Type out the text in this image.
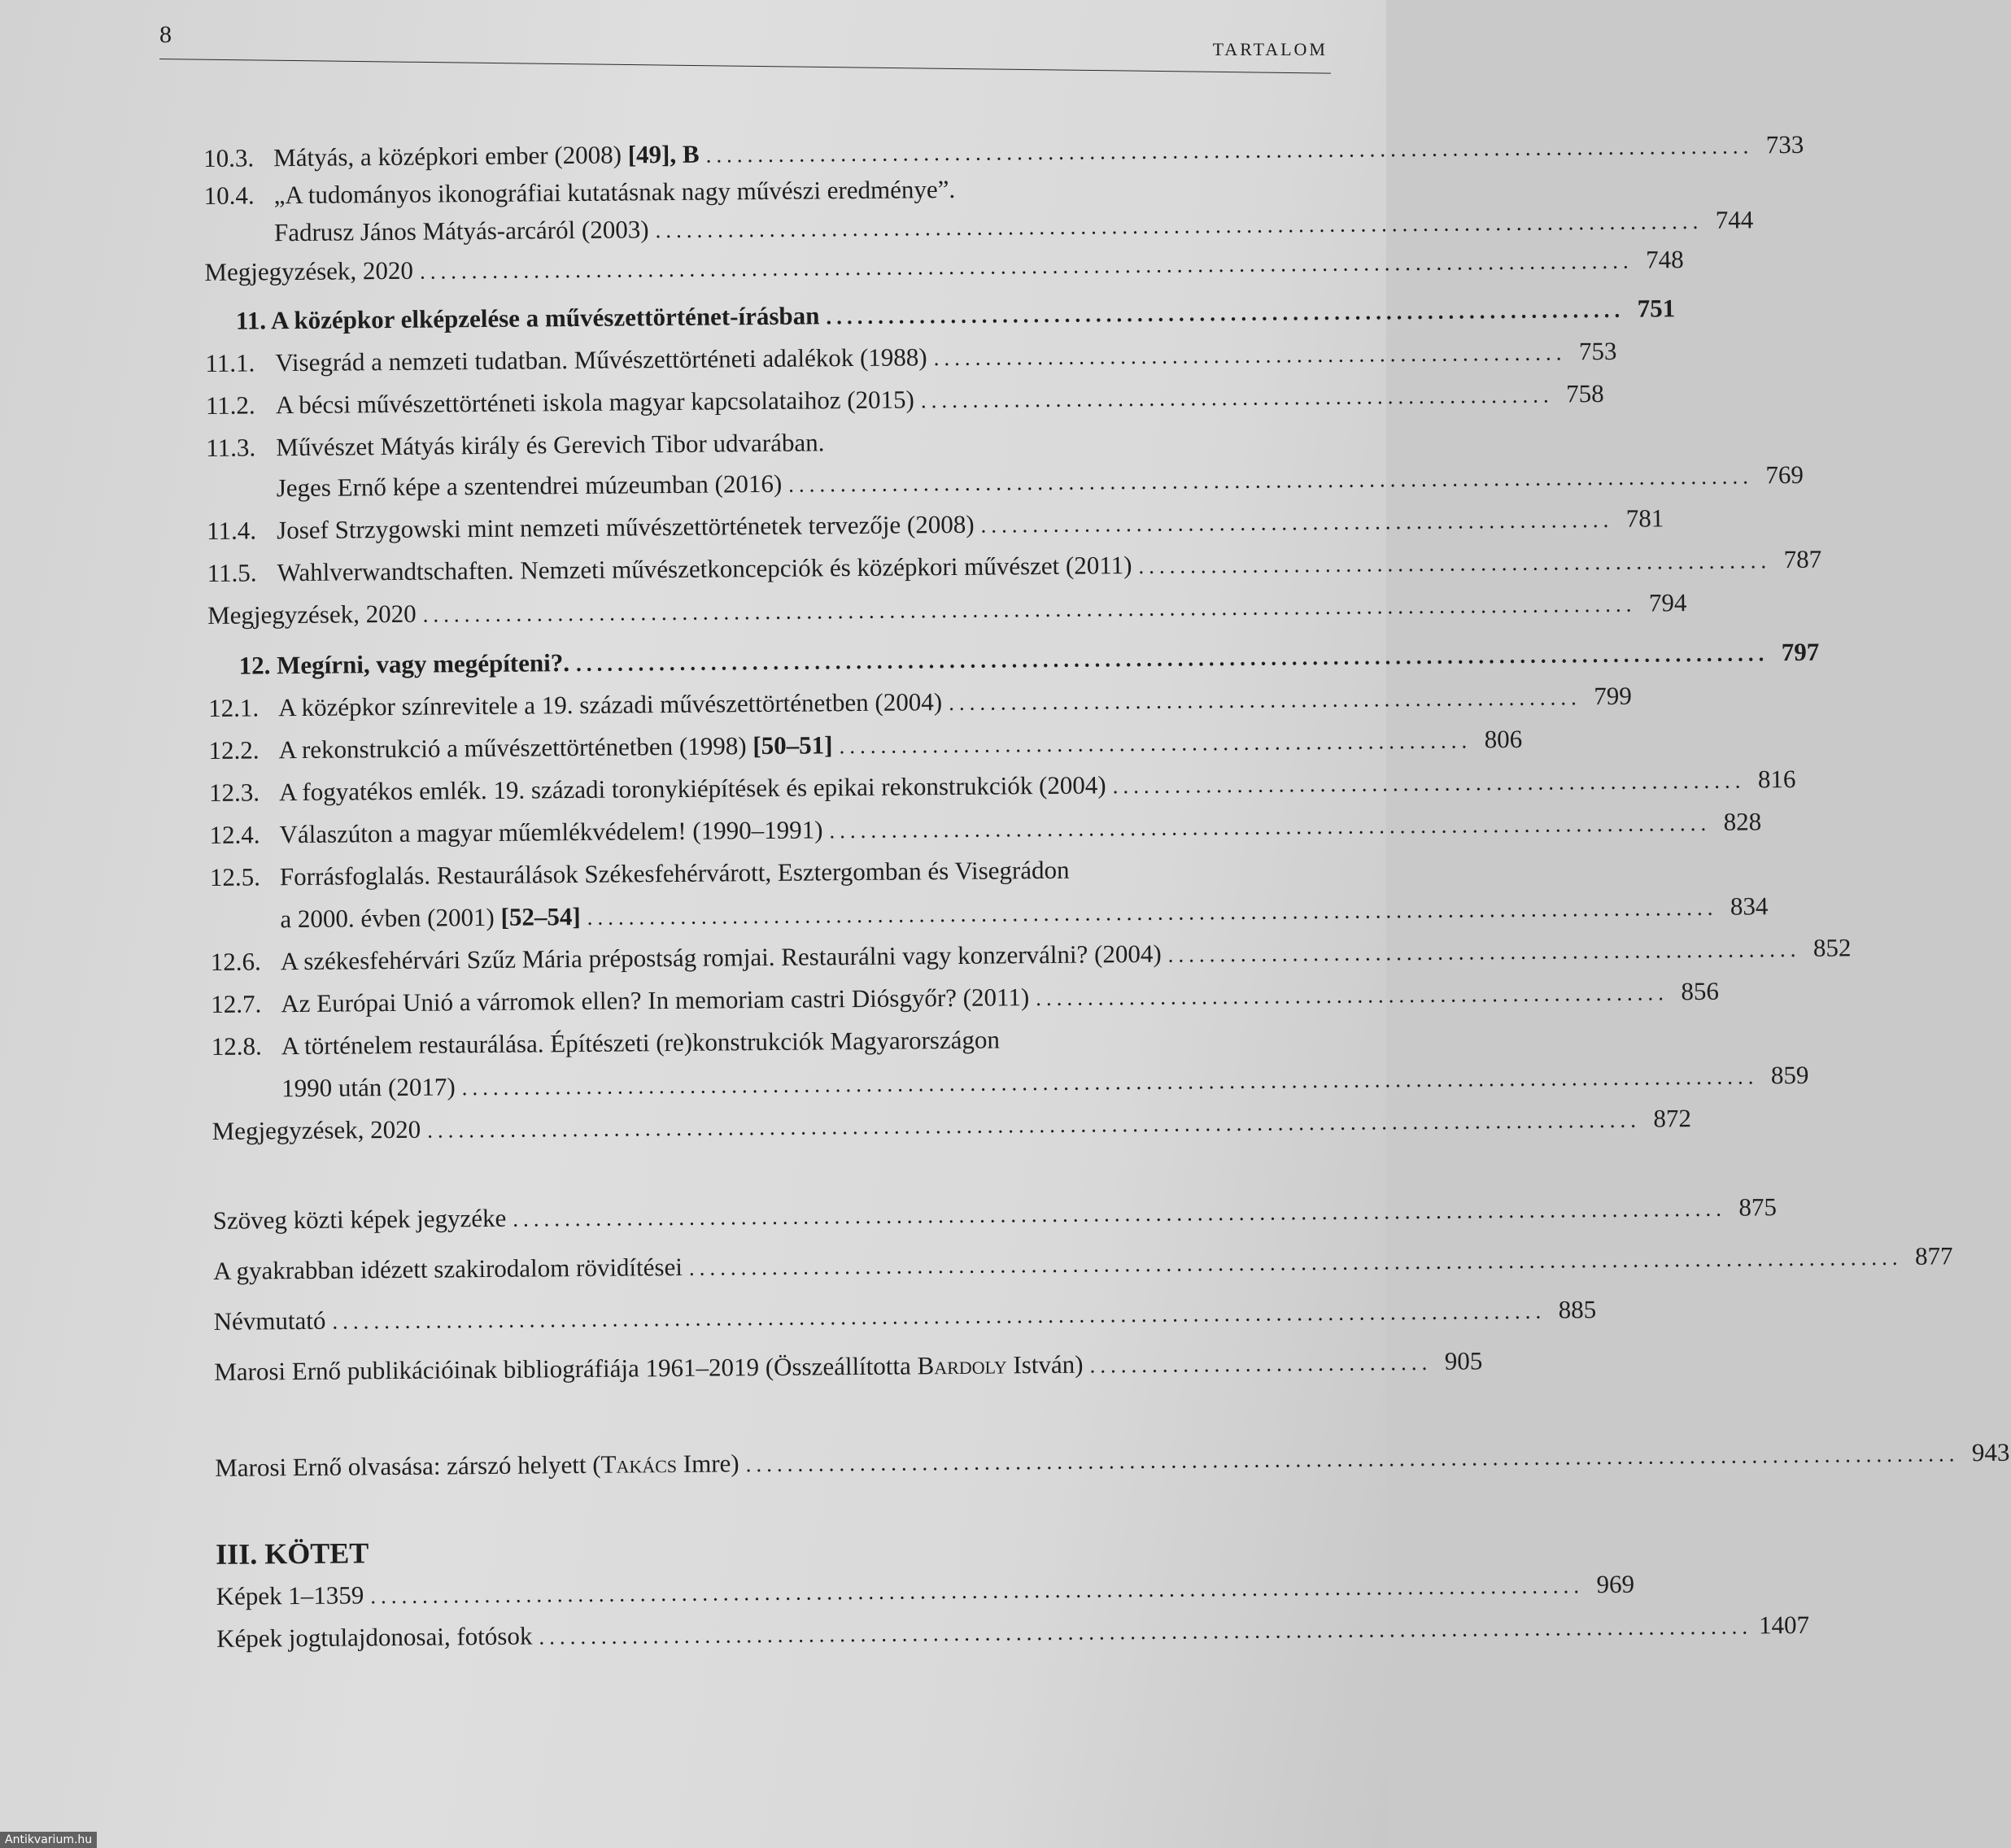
8
TARTALOM
10.3. Mátyás, a középkori ember (2008) [49], B ..................................................................................................... 733
10.4. „A tudományos ikonográfiai kutatásnak nagy művészi eredménye”.
Fadrusz János Mátyás-arcáról (2003) ..................................................................................................... 744
Megjegyzések, 2020 ..................................................................................................................... 748
11. A középkor elképzelése a művészettörténet-írásban ............................................................................. 751
11.1. Visegrád a nemzeti tudatban. Művészettörténeti adalékok (1988) ............................................................. 753
11.2. A bécsi művészettörténeti iskola magyar kapcsolataihoz (2015) ............................................................. 758
11.3. Művészet Mátyás király és Gerevich Tibor udvarában.
Jeges Ernő képe a szentendrei múzeumban (2016) ............................................................................................. 769
11.4. Josef Strzygowski mint nemzeti művészettörténetek tervezője (2008) ............................................................. 781
11.5. Wahlverwandtschaften. Nemzeti művészetkoncepciók és középkori művészet (2011) ............................................................. 787
Megjegyzések, 2020 ..................................................................................................................... 794
12. Megírni, vagy megépíteni?. ................................................................................................................... 797
12.1. A középkor színrevitele a 19. századi művészettörténetben (2004) ............................................................. 799
12.2. A rekonstrukció a művészettörténetben (1998) [50–51] ............................................................. 806
12.3. A fogyatékos emlék. 19. századi toronykiépítések és epikai rekonstrukciók (2004) ............................................................. 816
12.4. Válaszúton a magyar műemlékvédelem! (1990–1991) ..................................................................................... 828
12.5. Forrásfoglalás. Restaurálások Székesfehérvárott, Esztergomban és Visegrádon
a 2000. évben (2001) [52–54] ............................................................................................................. 834
12.6. A székesfehérvári Szűz Mária prépostság romjai. Restaurálni vagy konzerválni? (2004) ............................................................. 852
12.7. Az Európai Unió a várromok ellen? In memoriam castri Diósgyőr? (2011) ............................................................. 856
12.8. A történelem restaurálása. Építészeti (re)konstrukciók Magyarországon
1990 után (2017) ............................................................................................................................. 859
Megjegyzések, 2020 ..................................................................................................................... 872
Szöveg közti képek jegyzéke ..................................................................................................................... 875
A gyakrabban idézett szakirodalom rövidítései ..................................................................................................................... 877
Névmutató ..................................................................................................................... 885
Marosi Ernő publikációinak bibliográfiája 1961–2019 (Összeállította Bardoly István) ................................. 905
Marosi Ernő olvasása: zárszó helyett (Takács Imre) ..................................................................................................................... 943
III. KÖTET
Képek 1–1359 ..................................................................................................................... 969
Képek jogtulajdonosai, fotósok ..................................................................................................................... 1407
Antikvarium.hu
